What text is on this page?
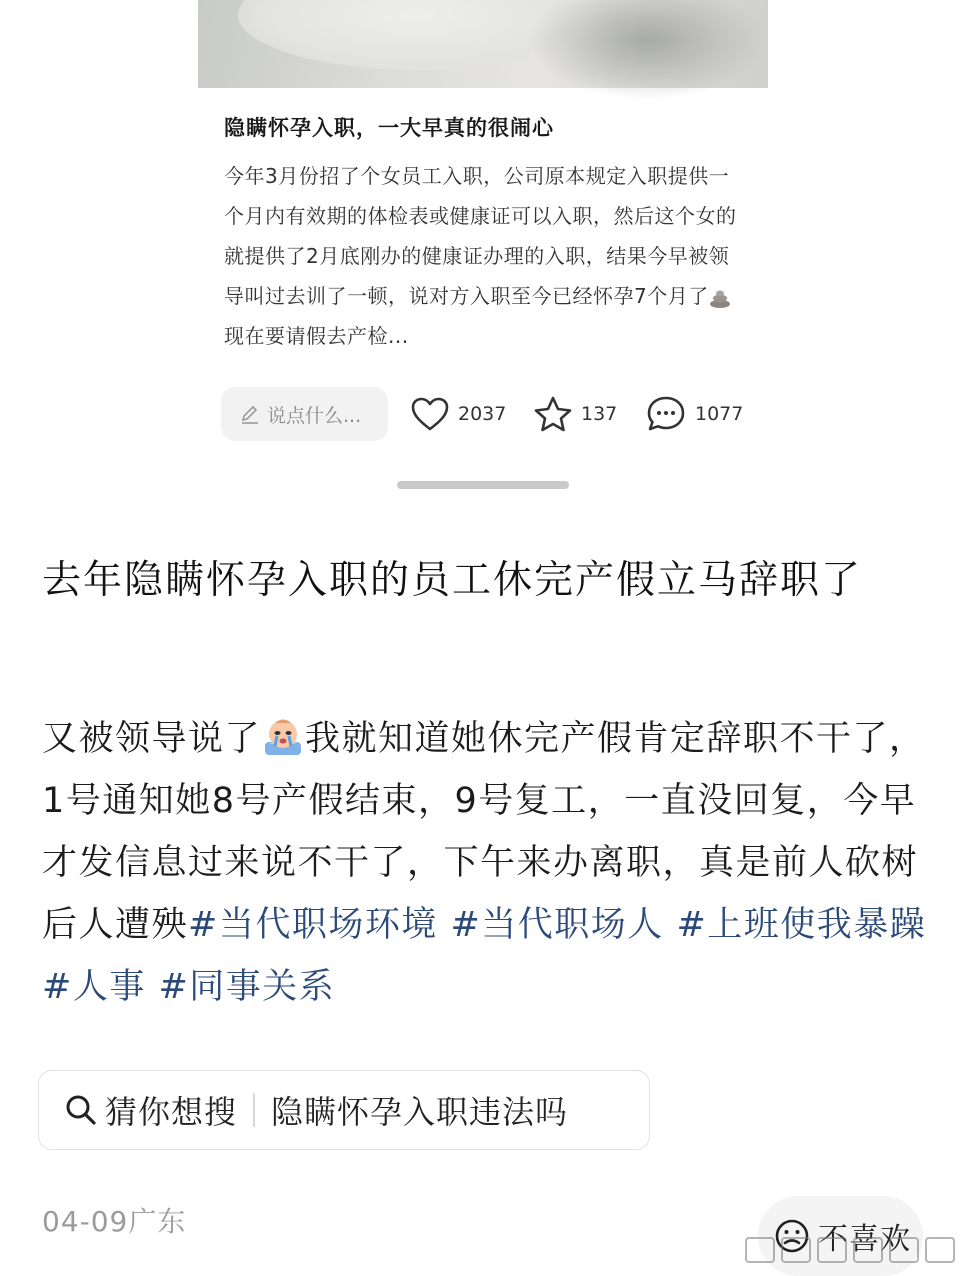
隐瞒怀孕入职，一大早真的很闹心
今年3月份招了个女员工入职，公司原本规定入职提供一个月内有效期的体检表或健康证可以入职，然后这个女的就提供了2月底刚办的健康证办理的入职，结果今早被领导叫过去训了一顿，说对方入职至今已经怀孕7个月了现在要请假去产检...
说点什么...	2037	137	1077
去年隐瞒怀孕入职的员工休完产假立马辞职了
又被领导说了 我就知道她休完产假肯定辞职不干了，1号通知她8号产假结束，9号复工，一直没回复，今早才发信息过来说不干了，下午来办离职，真是前人砍树后人遭殃#当代职场环境 #当代职场人 #上班使我暴躁 #人事 #同事关系
猜你想搜 隐瞒怀孕入职违法吗
04-09广东
不喜欢
